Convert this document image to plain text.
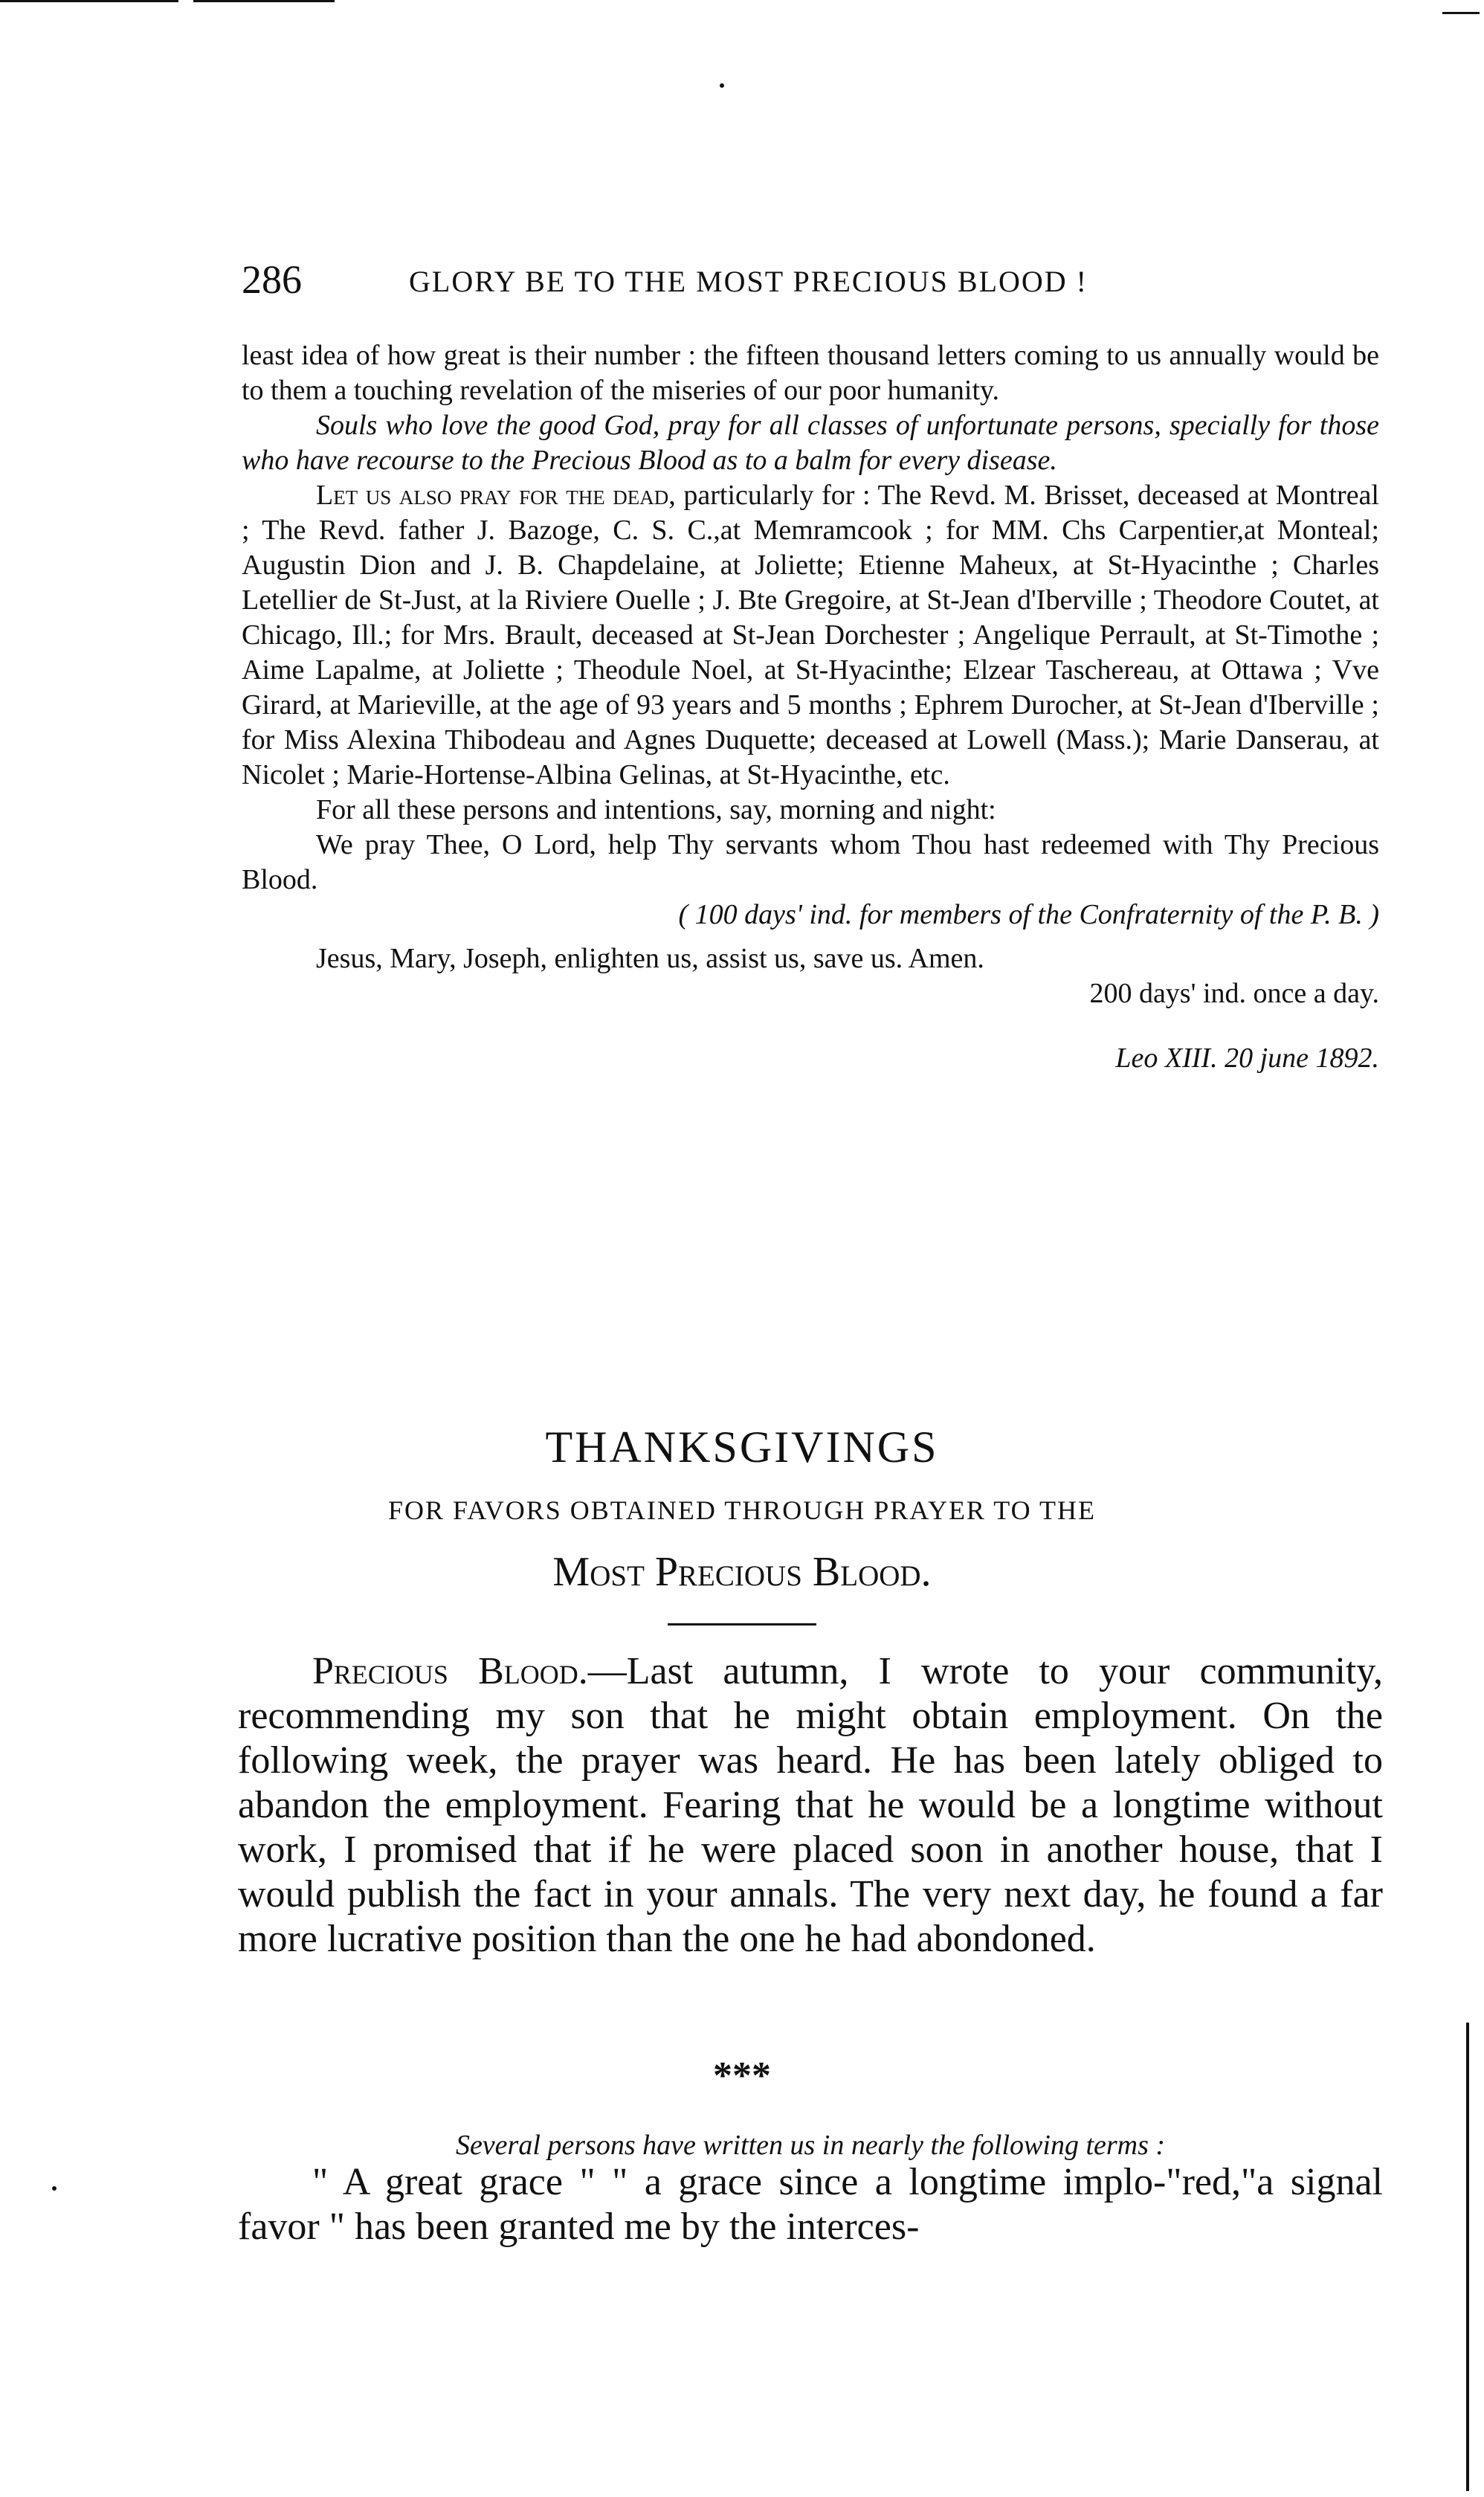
286	GLORY BE TO THE MOST PRECIOUS BLOOD !

least idea of how great is their number : the fifteen thousand letters coming to us annually would be to them a touching revelation of the miseries of our poor humanity.

Souls who love the good God, pray for all classes of unfortunate persons, specially for those who have recourse to the Precious Blood as to a balm for every disease.

Let us also pray for the dead, particularly for : The Revd. M. Brisset, deceased at Montreal ; The Revd. father J. Bazoge, C. S. C.,at Memramcook ; for MM. Chs Carpentier,at Monteal; Augustin Dion and J. B. Chapdelaine, at Joliette; Etienne Maheux, at St-Hyacinthe ; Charles Letellier de St-Just, at la Riviere Ouelle ; J. Bte Gregoire, at St-Jean d'Iberville ; Theodore Coutet, at Chicago, Ill.; for Mrs. Brault, deceased at St-Jean Dorchester ; Angelique Perrault, at St-Timothe ; Aime Lapalme, at Joliette ; Theodule Noel, at St-Hyacinthe; Elzear Taschereau, at Ottawa ; Vve Girard, at Marieville, at the age of 93 years and 5 months ; Ephrem Durocher, at St-Jean d'Iberville ; for Miss Alexina Thibodeau and Agnes Duquette; deceased at Lowell (Mass.); Marie Danserau, at Nicolet ; Marie-Hortense-Albina Gelinas, at St-Hyacinthe, etc.

For all these persons and intentions, say, morning and night:

We pray Thee, O Lord, help Thy servants whom Thou hast redeemed with Thy Precious Blood.

( 100 days' ind. for members of the Confraternity of the P. B. )

Jesus, Mary, Joseph, enlighten us, assist us, save us. Amen.

200 days' ind. once a day.

Leo XIII. 20 june 1892.

THANKSGIVINGS
FOR FAVORS OBTAINED THROUGH PRAYER TO THE
Most Precious Blood.

Precious Blood.—Last autumn, I wrote to your community, recommending my son that he might obtain employment. On the following week, the prayer was heard. He has been lately obliged to abandon the employment. Fearing that he would be a longtime without work, I promised that if he were placed soon in another house, that I would publish the fact in your annals. The very next day, he found a far more lucrative position than the one he had abondoned.

***
Several persons have written us in nearly the following terms :
" A great grace " " a grace since a longtime implo-"red,"a signal favor " has been granted me by the interces-
